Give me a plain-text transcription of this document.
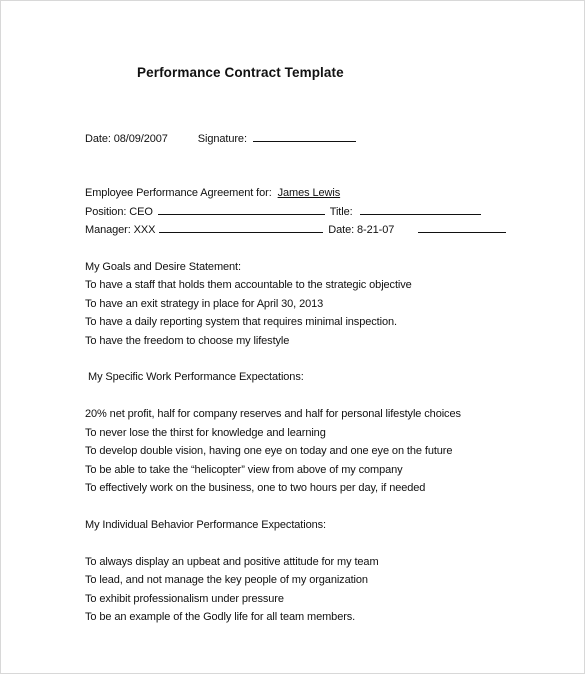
Performance Contract Template
Date: 08/09/2007	Signature:
Employee Performance Agreement for: James Lewis
Position: CEO	Title:
Manager: XXX	Date: 8-21-07
My Goals and Desire Statement:
To have a staff that holds them accountable to the strategic objective
To have an exit strategy in place for April 30, 2013
To have a daily reporting system that requires minimal inspection.
To have the freedom to choose my lifestyle
My Specific Work Performance Expectations:
20% net profit, half for company reserves and half for personal lifestyle choices
To never lose the thirst for knowledge and learning
To develop double vision, having one eye on today and one eye on the future
To be able to take the “helicopter” view from above of my company
To effectively work on the business, one to two hours per day, if needed
My Individual Behavior Performance Expectations:
To always display an upbeat and positive attitude for my team
To lead, and not manage the key people of my organization
To exhibit professionalism under pressure
To be an example of the Godly life for all team members.
